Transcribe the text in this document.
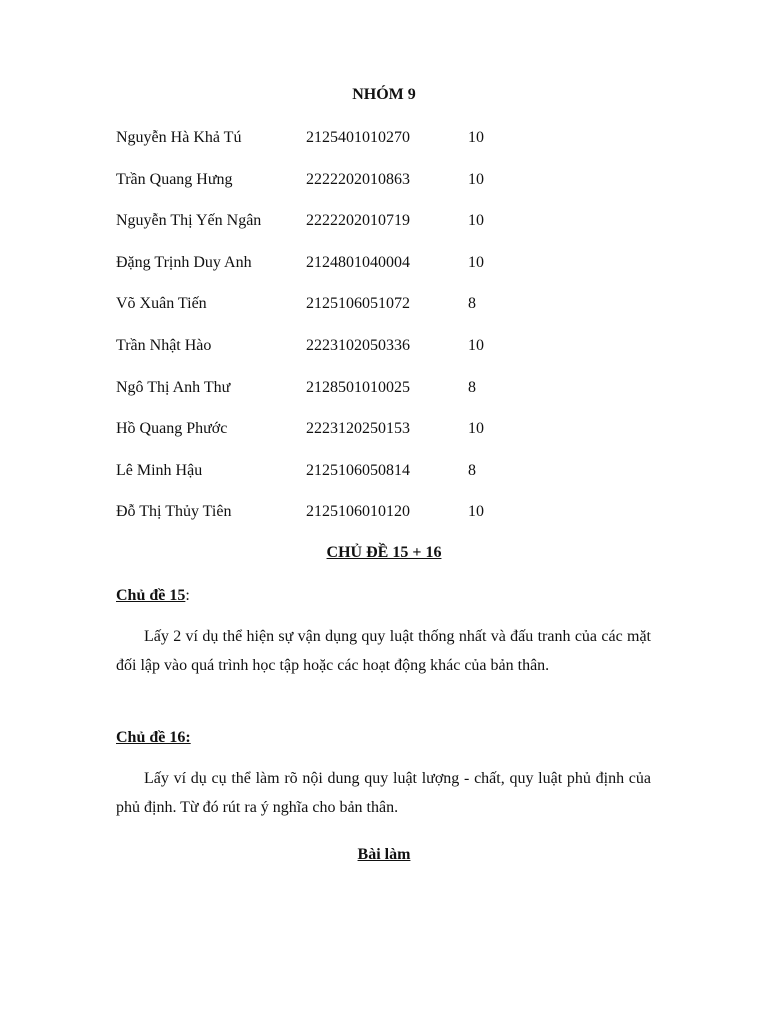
NHÓM 9
Nguyễn Hà Khả Tú	2125401010270	10
Trần Quang Hưng	2222202010863	10
Nguyễn Thị Yến Ngân	2222202010719	10
Đặng Trịnh Duy Anh	2124801040004	10
Võ Xuân Tiến	2125106051072	8
Trần Nhật Hào	2223102050336	10
Ngô Thị Anh Thư	2128501010025	8
Hồ Quang Phước	2223120250153	10
Lê Minh Hậu	2125106050814	8
Đỗ Thị Thủy Tiên	2125106010120	10
CHỦ ĐỀ 15 + 16
Chủ đề 15:
Lấy 2 ví dụ thể hiện sự vận dụng quy luật thống nhất và đấu tranh của các mặt đối lập vào quá trình học tập hoặc các hoạt động khác của bản thân.
Chủ đề 16:
Lấy ví dụ cụ thể làm rõ nội dung quy luật lượng - chất, quy luật phủ định của phủ định. Từ đó rút ra ý nghĩa cho bản thân.
Bài làm
